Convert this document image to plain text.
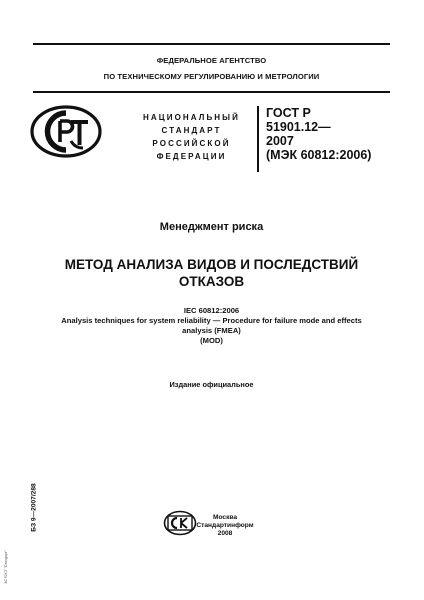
ФЕДЕРАЛЬНОЕ АГЕНТСТВО
ПО ТЕХНИЧЕСКОМУ РЕГУЛИРОВАНИЮ И МЕТРОЛОГИИ
НАЦИОНАЛЬНЫЙ
СТАНДАРТ
РОССИЙСКОЙ
ФЕДЕРАЦИИ
ГОСТ Р
51901.12—
2007
(МЭК 60812:2006)
Менеджмент риска
МЕТОД АНАЛИЗА ВИДОВ И ПОСЛЕДСТВИЙ
ОТКАЗОВ
IEC 60812:2006
Analysis techniques for system reliability — Procedure for failure mode and effects
analysis (FMEA)
(MOD)
Издание официальное
БЗ 9—2007/288
ЗС ГОСТ "Стандарт"
Москва
Стандартинформ
2008
